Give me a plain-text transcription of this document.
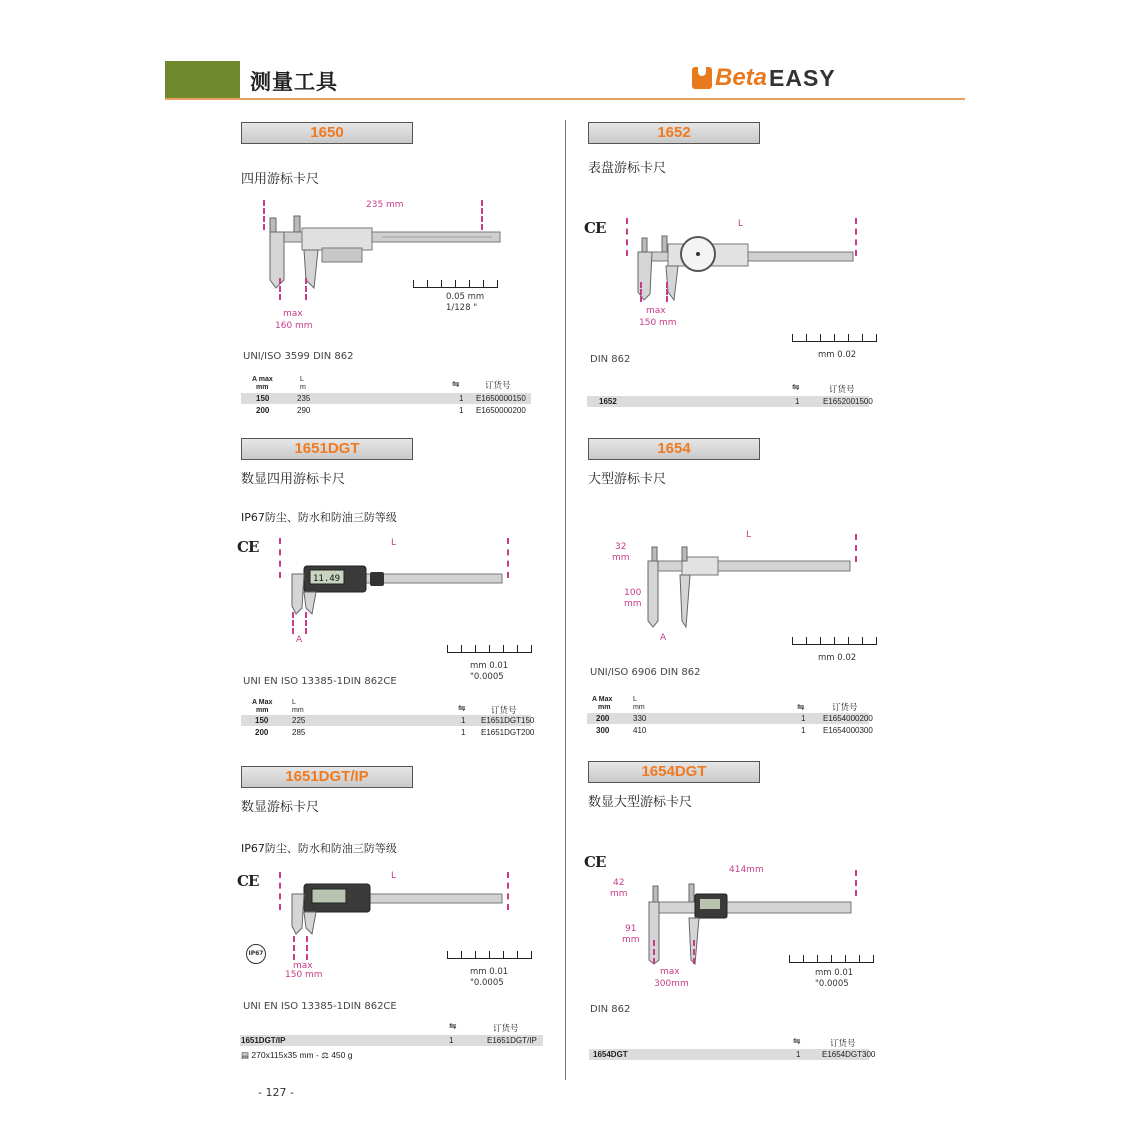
测量工具	Beta EASY
1650
四用游标卡尺
235 mm
max
160 mm
0.05 mm
1/128 "
UNI/ISO 3599 DIN 862
A max
mm
L
m	⇋	订货号
150	235	1 E1650000150
200	290	1 E1650000200
1652
表盘游标卡尺
CE	L
max
150 mm
mm 0.02
DIN 862
⇋	订货号
1652	1	E1652001500
1651DGT
数显四用游标卡尺
IP67防尘、防水和防油三防等级
CE	L
11.49
A
mm 0.01
"0.0005
UNI EN ISO 13385-1DIN 862CE
A Max
mm
L
mm	⇋	订货号
150	225	1 E1651DGT150
200	285	1 E1651DGT200
1654
大型游标卡尺
L
32
mm
100
mm
A
mm 0.02
UNI/ISO 6906 DIN 862
A Max
mm
L
mm	⇋	订货号
200	330	1 E1654000200
300	410	1 E1654000300
1651DGT/IP
数显游标卡尺
IP67防尘、防水和防油三防等级
CE	L
IP67
max
150 mm	mm 0.01
"0.0005
UNI EN ISO 13385-1DIN 862CE
⇋	订货号
1651DGT/IP	1	E1651DGT/IP
▤ 270x115x35 mm - ⚖ 450 g
1654DGT
数显大型游标卡尺
CE	414mm
42
mm
91
mm
max
300mm
mm 0.01
"0.0005
DIN 862
⇋	订货号
1654DGT	1	E1654DGT300
- 127 -
